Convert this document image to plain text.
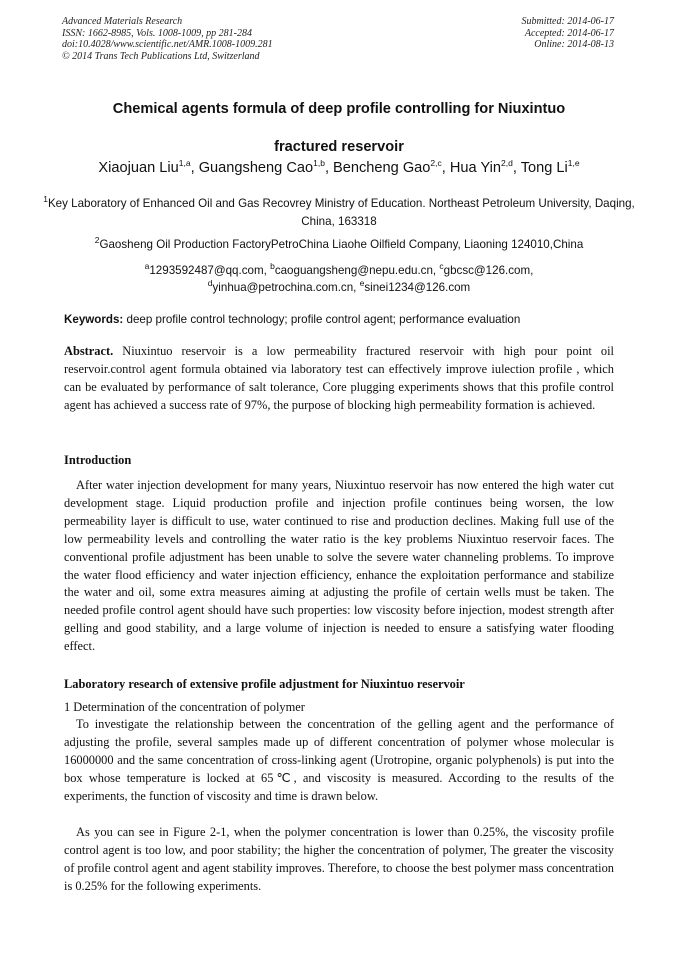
Advanced Materials Research
ISSN: 1662-8985, Vols. 1008-1009, pp 281-284
doi:10.4028/www.scientific.net/AMR.1008-1009.281
© 2014 Trans Tech Publications Ltd, Switzerland
Submitted: 2014-06-17
Accepted: 2014-06-17
Online: 2014-08-13
Chemical agents formula of deep profile controlling for Niuxintuo
fractured reservoir
Xiaojuan Liu$^{1,a}$, Guangsheng Cao$^{1,b}$, Bencheng Gao$^{2,c}$, Hua Yin$^{2,d}$, Tong Li$^{1,e}$
$^1$Key Laboratory of Enhanced Oil and Gas Recovrey Ministry of Education. Northeast Petroleum University, Daqing, China, 163318
$^2$Gaosheng Oil Production FactoryPetroChina Liaohe Oilfield Company, Liaoning 124010,China
$^a$1293592487@qq.com, $^b$caoguangsheng@nepu.edu.cn, $^c$gbcsc@126.com,
$^d$yinhua@petrochina.com.cn, $^e$sinei1234@126.com
Keywords: deep profile control technology; profile control agent; performance evaluation
Abstract. Niuxintuo reservoir is a low permeability fractured reservoir with high pour point oil reservoir.control agent formula obtained via laboratory test can effectively improve iulection profile , which can be evaluated by performance of salt tolerance, Core plugging experiments shows that this profile control agent has achieved a success rate of 97%, the purpose of blocking high permeability formation is achieved.
Introduction
After water injection development for many years, Niuxintuo reservoir has now entered the high water cut development stage. Liquid production profile and injection profile continues being worsen, the low permeability layer is difficult to use, water continued to rise and production declines. Making full use of the low permeability levels and controlling the water ratio is the key problems Niuxintuo reservoir faces. The conventional profile adjustment has been unable to solve the severe water channeling problems. To improve the water flood efficiency and water injection efficiency, enhance the exploitation performance and stabilize the water and oil, some extra measures aiming at adjusting the profile of certain wells must be taken. The needed profile control agent should have such properties: low viscosity before injection, modest strength after gelling and good stability, and a large volume of injection is needed to ensure a satisfying water flooding effect.
Laboratory research of extensive profile adjustment for Niuxintuo reservoir
1 Determination of the concentration of polymer
To investigate the relationship between the concentration of the gelling agent and the performance of adjusting the profile, several samples made up of different concentration of polymer whose molecular is 16000000 and the same concentration of cross-linking agent (Urotropine, organic polyphenols) is put into the box whose temperature is locked at 65℃, and viscosity is measured. According to the results of the experiments, the function of viscosity and time is drawn below.
As you can see in Figure 2-1, when the polymer concentration is lower than 0.25%, the viscosity profile control agent is too low, and poor stability; the higher the concentration of polymer, The greater the viscosity of profile control agent and agent stability improves. Therefore, to choose the best polymer mass concentration is 0.25% for the following experiments.
